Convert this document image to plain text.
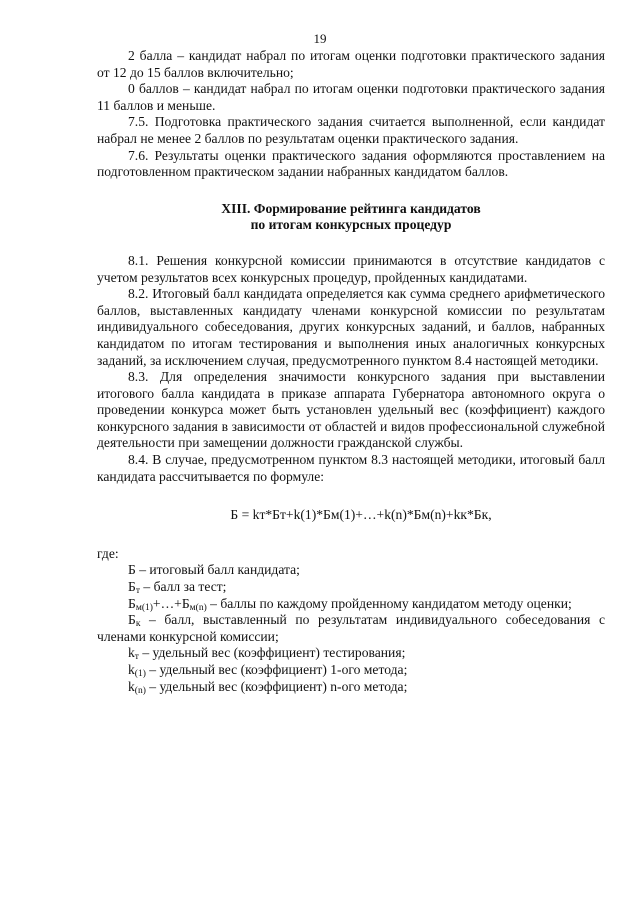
19

2 балла – кандидат набрал по итогам оценки подготовки практического задания от 12 до 15 баллов включительно;

0 баллов – кандидат набрал по итогам оценки подготовки практического задания 11 баллов и меньше.

7.5. Подготовка практического задания считается выполненной, если кандидат набрал не менее 2 баллов по результатам оценки практического задания.

7.6. Результаты оценки практического задания оформляются проставлением на подготовленном практическом задании набранных кандидатом баллов.

XIII. Формирование рейтинга кандидатов
по итогам конкурсных процедур

8.1. Решения конкурсной комиссии принимаются в отсутствие кандидатов с учетом результатов всех конкурсных процедур, пройденных кандидатами.

8.2. Итоговый балл кандидата определяется как сумма среднего арифметического баллов, выставленных кандидату членами конкурсной комиссии по результатам индивидуального собеседования, других конкурсных заданий, и баллов, набранных кандидатом по итогам тестирования и выполнения иных аналогичных конкурсных заданий, за исключением случая, предусмотренного пунктом 8.4 настоящей методики.

8.3. Для определения значимости конкурсного задания при выставлении итогового балла кандидата в приказе аппарата Губернатора автономного округа о проведении конкурса может быть установлен удельный вес (коэффициент) каждого конкурсного задания в зависимости от областей и видов профессиональной служебной деятельности при замещении должности гражданской службы.

8.4. В случае, предусмотренном пунктом 8.3 настоящей методики, итоговый балл кандидата рассчитывается по формуле:

Б = kт*Бт+k(1)*Бм(1)+…+k(n)*Бм(n)+kк*Бк,

где:

Б – итоговый балл кандидата;

$Б_т$ – балл за тест;

$Б_{м(1)}+\dots+Б_{м(n)}$ – баллы по каждому пройденному кандидатом методу оценки;

$Б_к$ – балл, выставленный по результатам индивидуального собеседования с членами конкурсной комиссии;

$k_т$ – удельный вес (коэффициент) тестирования;

$k_{(1)}$ – удельный вес (коэффициент) 1-ого метода;

$k_{(n)}$ – удельный вес (коэффициент) n-ого метода;
